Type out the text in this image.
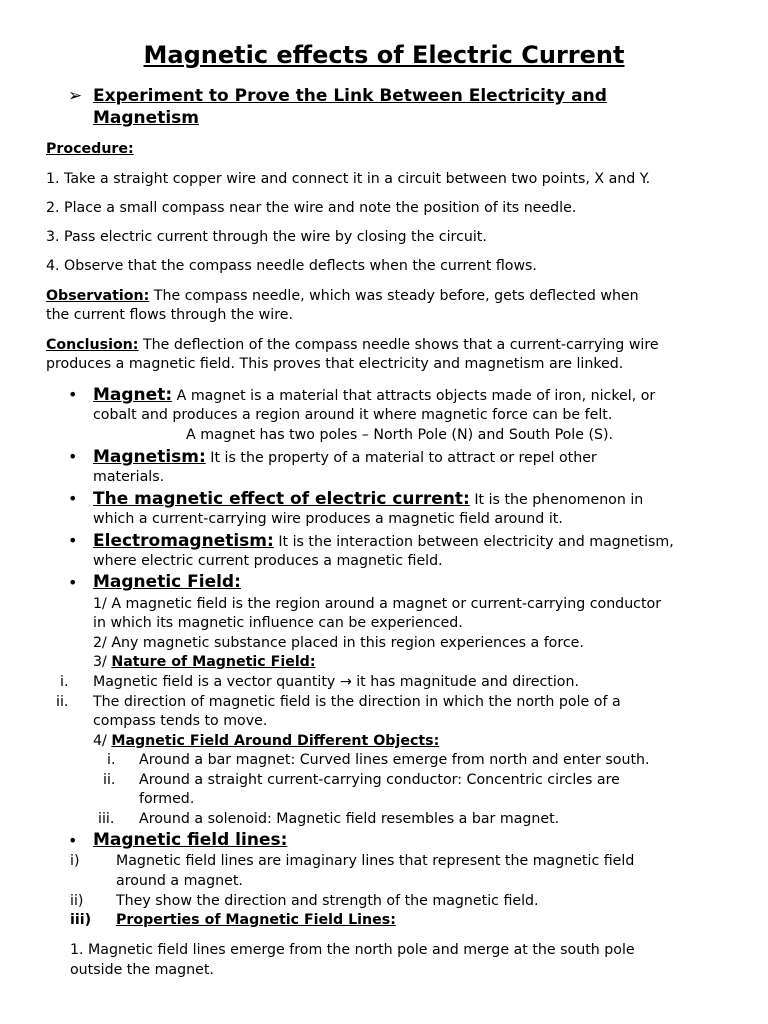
Magnetic effects of Electric Current
➢ Experiment to Prove the Link Between Electricity and
Magnetism
Procedure:
1. Take a straight copper wire and connect it in a circuit between two points, X and Y.
2. Place a small compass near the wire and note the position of its needle.
3. Pass electric current through the wire by closing the circuit.
4. Observe that the compass needle deflects when the current flows.
Observation: The compass needle, which was steady before, gets deflected when
the current flows through the wire.
Conclusion: The deflection of the compass needle shows that a current-carrying wire
produces a magnetic field. This proves that electricity and magnetism are linked.
• Magnet: A magnet is a material that attracts objects made of iron, nickel, or
cobalt and produces a region around it where magnetic force can be felt.
A magnet has two poles – North Pole (N) and South Pole (S).
• Magnetism: It is the property of a material to attract or repel other
materials.
• The magnetic effect of electric current: It is the phenomenon in
which a current-carrying wire produces a magnetic field around it.
• Electromagnetism: It is the interaction between electricity and magnetism,
where electric current produces a magnetic field.
• Magnetic Field:
1/ A magnetic field is the region around a magnet or current-carrying conductor
in which its magnetic influence can be experienced.
2/ Any magnetic substance placed in this region experiences a force.
3/ Nature of Magnetic Field:
i. Magnetic field is a vector quantity → it has magnitude and direction.
ii. The direction of magnetic field is the direction in which the north pole of a
compass tends to move.
4/ Magnetic Field Around Different Objects:
i. Around a bar magnet: Curved lines emerge from north and enter south.
ii. Around a straight current-carrying conductor: Concentric circles are
formed.
iii. Around a solenoid: Magnetic field resembles a bar magnet.
• Magnetic field lines:
i)	Magnetic field lines are imaginary lines that represent the magnetic field
around a magnet.
ii) They show the direction and strength of the magnetic field.
iii) Properties of Magnetic Field Lines:
1. Magnetic field lines emerge from the north pole and merge at the south pole
outside the magnet.
